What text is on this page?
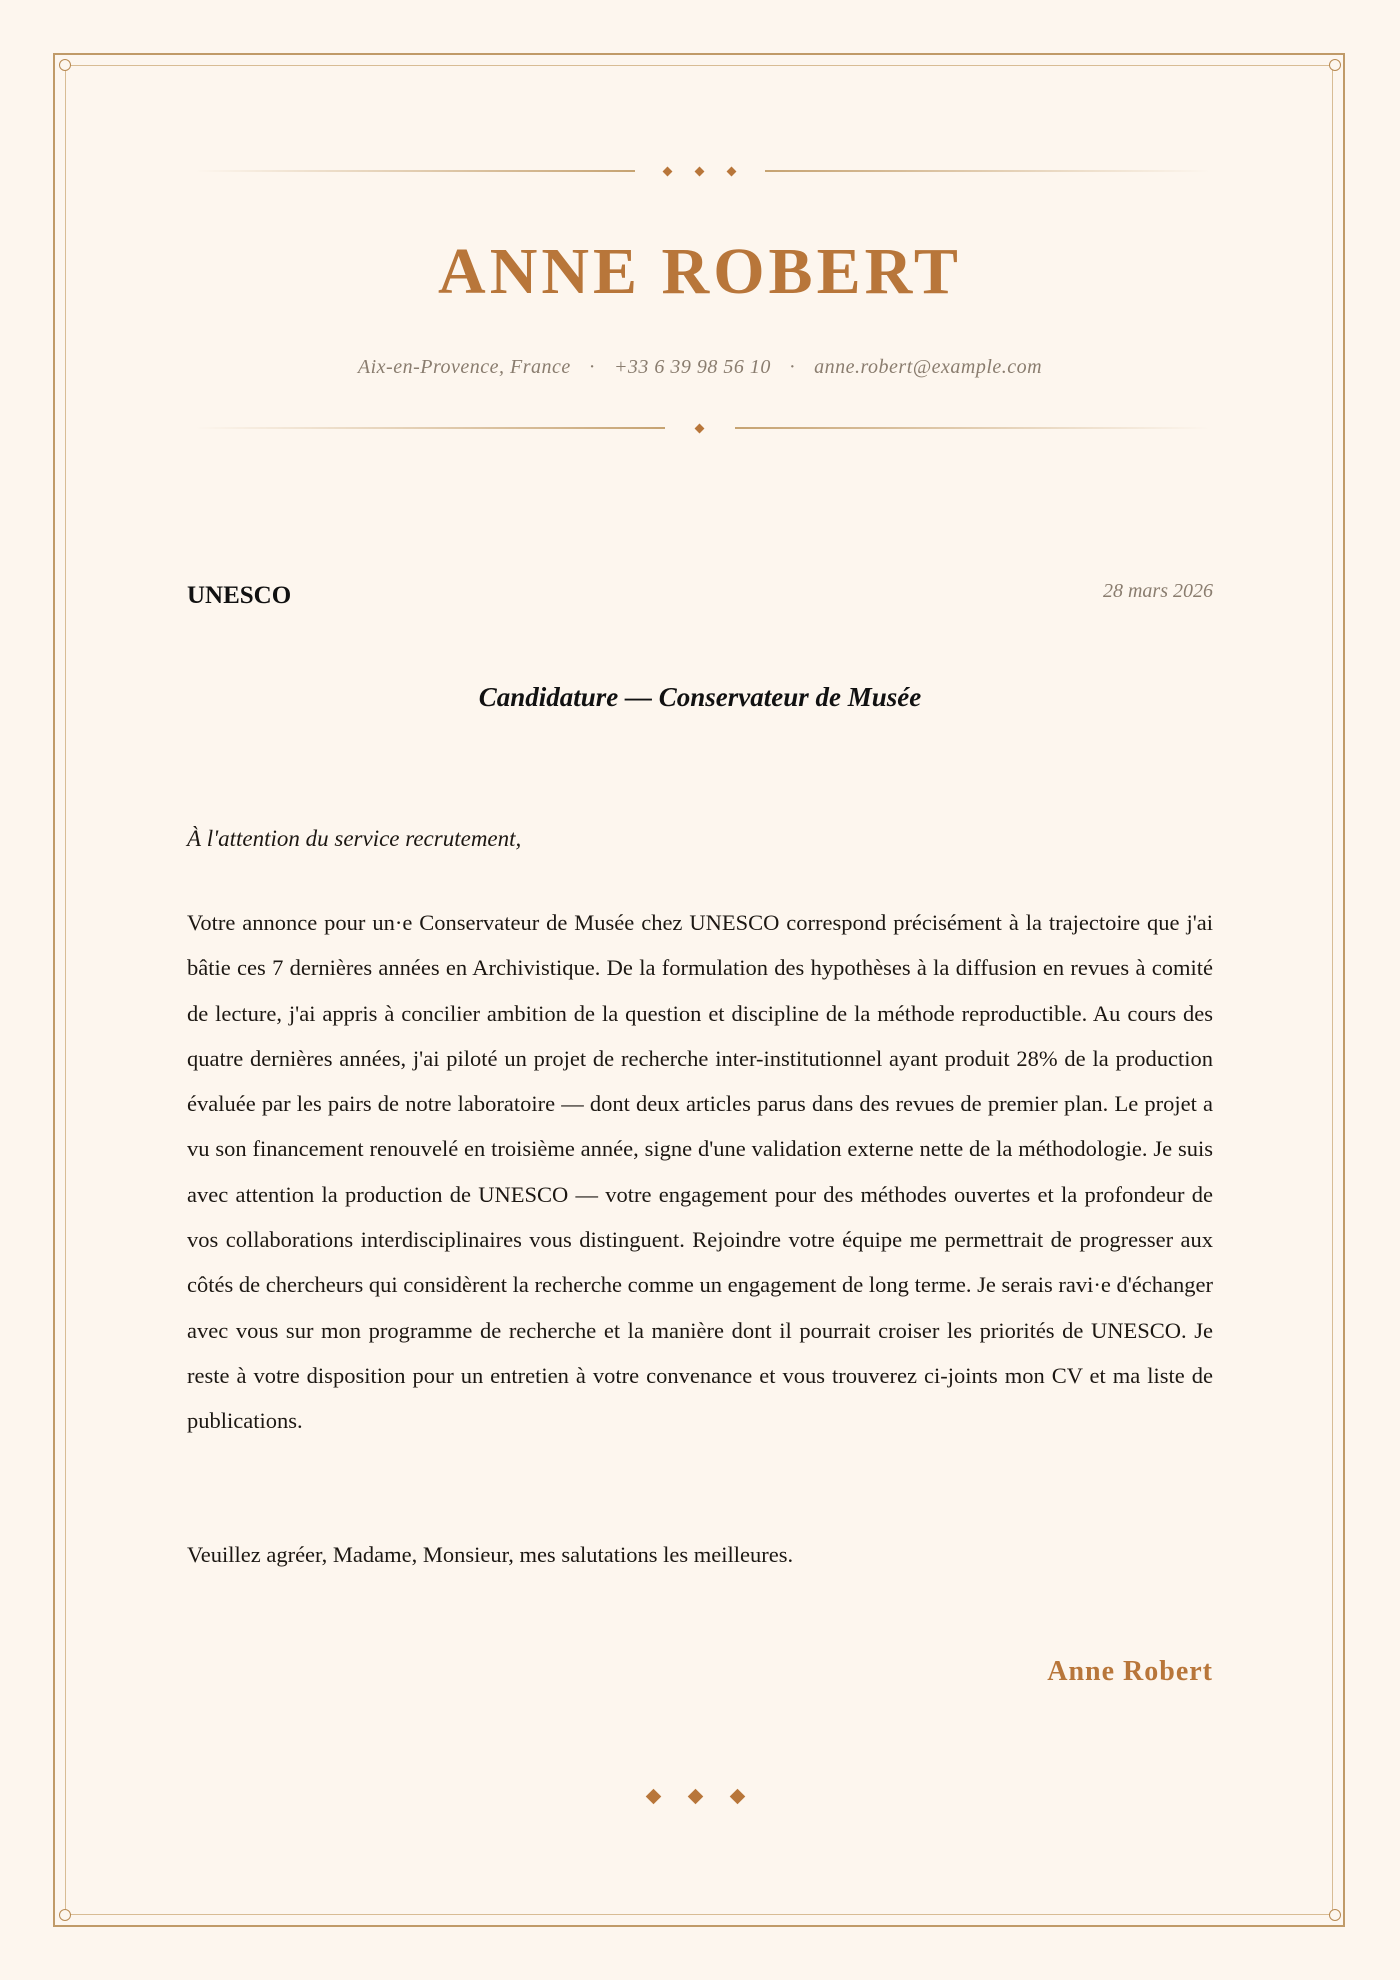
ANNE ROBERT
Aix-en-Provence, France · +33 6 39 98 56 10 · anne.robert@example.com
UNESCO	28 mars 2026
Candidature — Conservateur de Musée
À l'attention du service recrutement,

Votre annonce pour un·e Conservateur de Musée chez UNESCO correspond précisément à la trajectoire que j'ai bâtie ces 7 dernières années en Archivistique. De la formulation des hypothèses à la diffusion en revues à comité de lecture, j'ai appris à concilier ambition de la question et discipline de la méthode reproductible. Au cours des quatre dernières années, j'ai piloté un projet de recherche inter-institutionnel ayant produit 28% de la production évaluée par les pairs de notre laboratoire — dont deux articles parus dans des revues de premier plan. Le projet a vu son financement renouvelé en troisième année, signe d'une validation externe nette de la méthodologie. Je suis avec attention la production de UNESCO — votre engagement pour des méthodes ouvertes et la profondeur de vos collaborations interdisciplinaires vous distinguent. Rejoindre votre équipe me permettrait de progresser aux côtés de chercheurs qui considèrent la recherche comme un engagement de long terme. Je serais ravi·e d'échanger avec vous sur mon programme de recherche et la manière dont il pourrait croiser les priorités de UNESCO. Je reste à votre disposition pour un entretien à votre convenance et vous trouverez ci-joints mon CV et ma liste de publications.

Veuillez agréer, Madame, Monsieur, mes salutations les meilleures.
Anne Robert
